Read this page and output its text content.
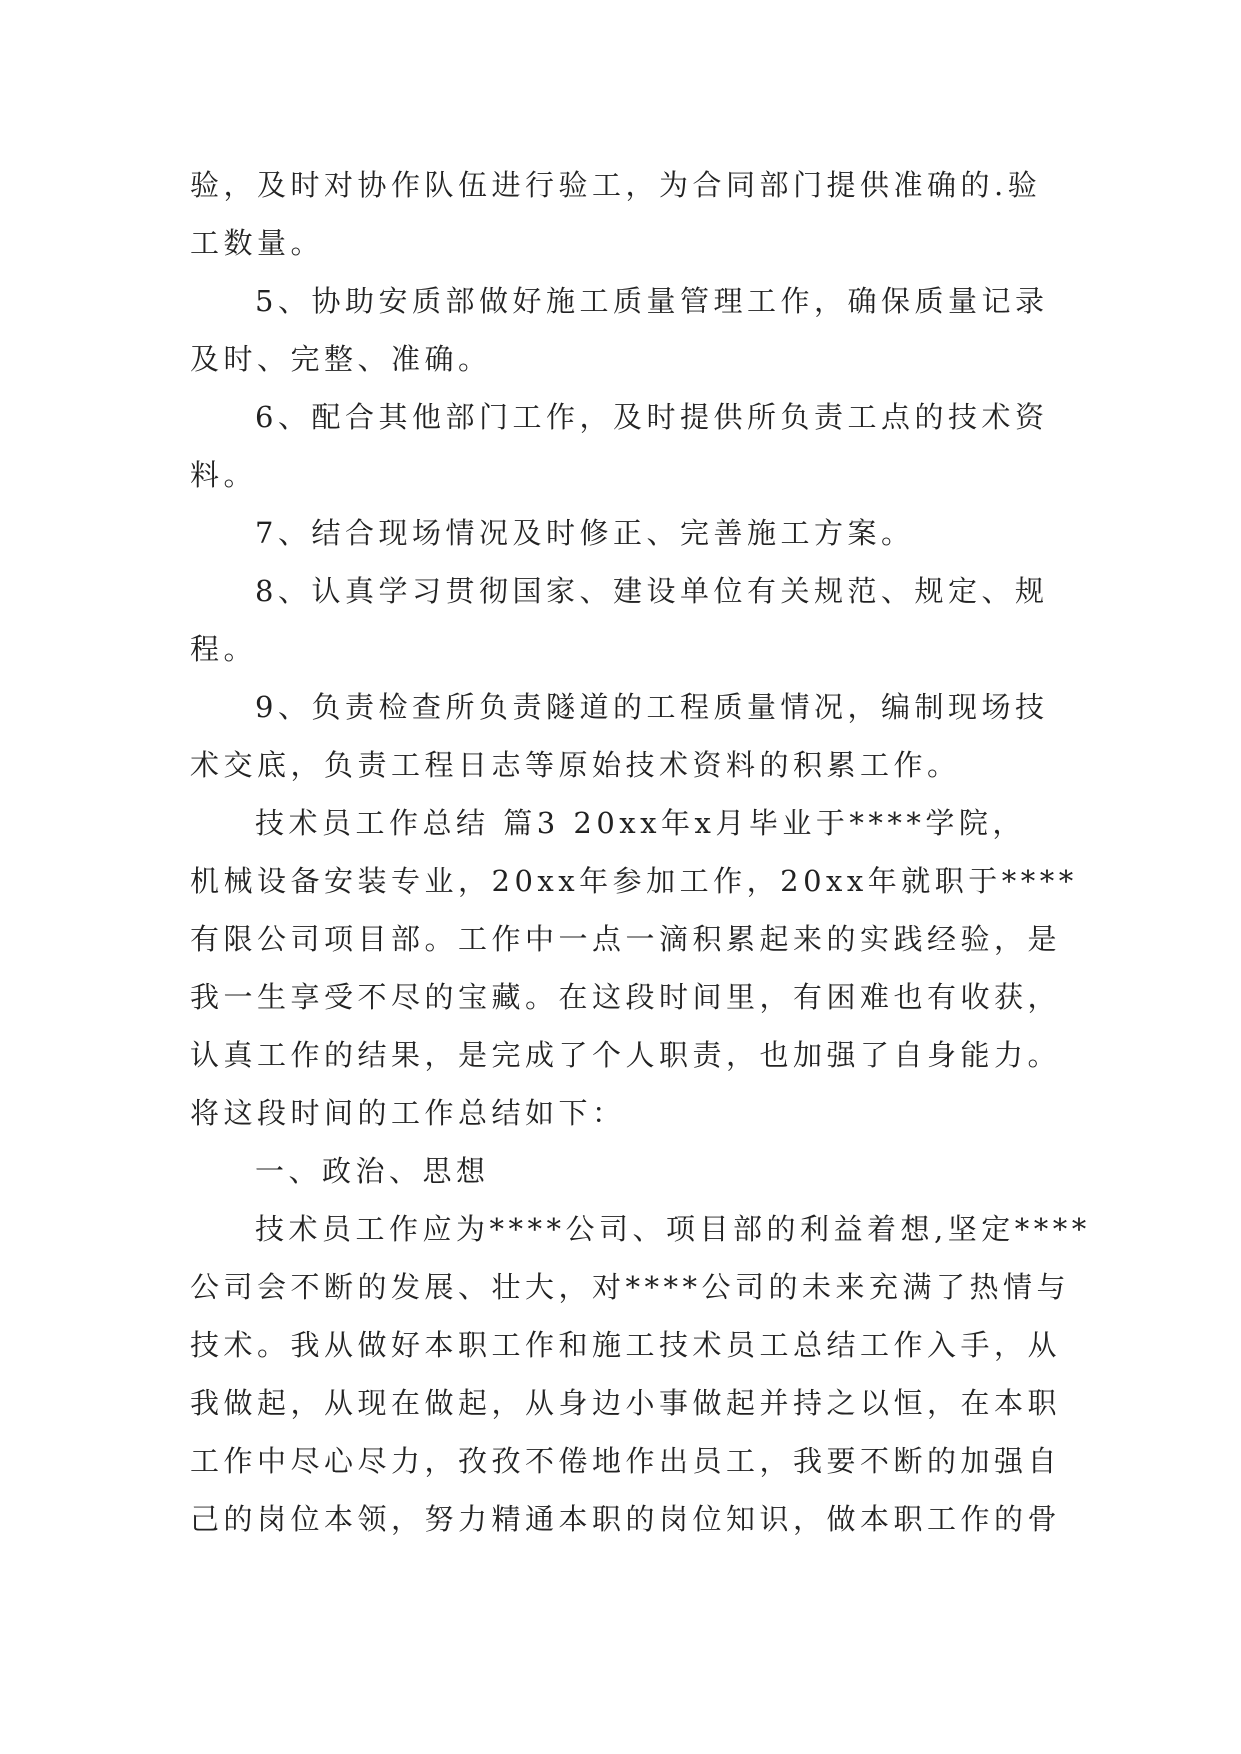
验，及时对协作队伍进行验工，为合同部门提供准确的.验
工数量。
5、协助安质部做好施工质量管理工作，确保质量记录
及时、完整、准确。
6、配合其他部门工作，及时提供所负责工点的技术资
料。
7、结合现场情况及时修正、完善施工方案。
8、认真学习贯彻国家、建设单位有关规范、规定、规
程。
9、负责检查所负责隧道的工程质量情况，编制现场技
术交底，负责工程日志等原始技术资料的积累工作。
技术员工作总结 篇3 20xx年x月毕业于****学院，
机械设备安装专业，20xx年参加工作，20xx年就职于****
有限公司项目部。工作中一点一滴积累起来的实践经验，是
我一生享受不尽的宝藏。在这段时间里，有困难也有收获，
认真工作的结果，是完成了个人职责，也加强了自身能力。
将这段时间的工作总结如下：
一、政治、思想
技术员工作应为****公司、项目部的利益着想,坚定****
公司会不断的发展、壮大，对****公司的未来充满了热情与
技术。我从做好本职工作和施工技术员工总结工作入手，从
我做起，从现在做起，从身边小事做起并持之以恒，在本职
工作中尽心尽力，孜孜不倦地作出员工，我要不断的加强自
己的岗位本领，努力精通本职的岗位知识，做本职工作的骨
